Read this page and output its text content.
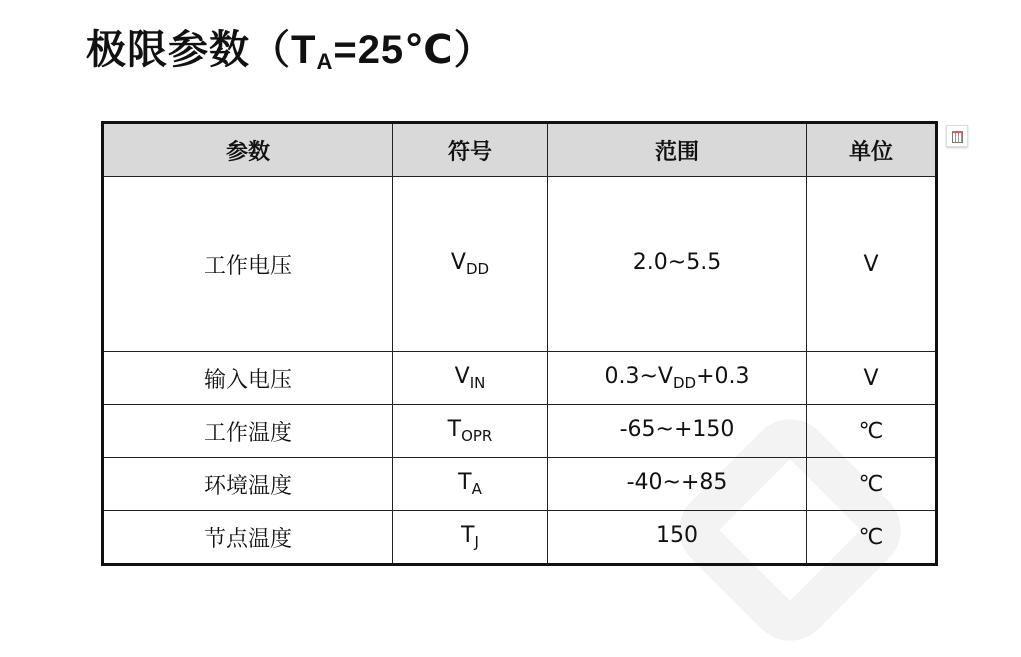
极限参数$(T_A=25℃)$
参数	符号	范围	单位
工作电压	$V_{DD}$	2.0~5.5	V
输入电压	$V_{IN}$	$0.3\sim V_{DD}+0.3$	V
工作温度	$T_{OPR}$	-65~+150	℃
环境温度	$T_A$	-40~+85	℃
节点温度	$T_J$	150	℃
